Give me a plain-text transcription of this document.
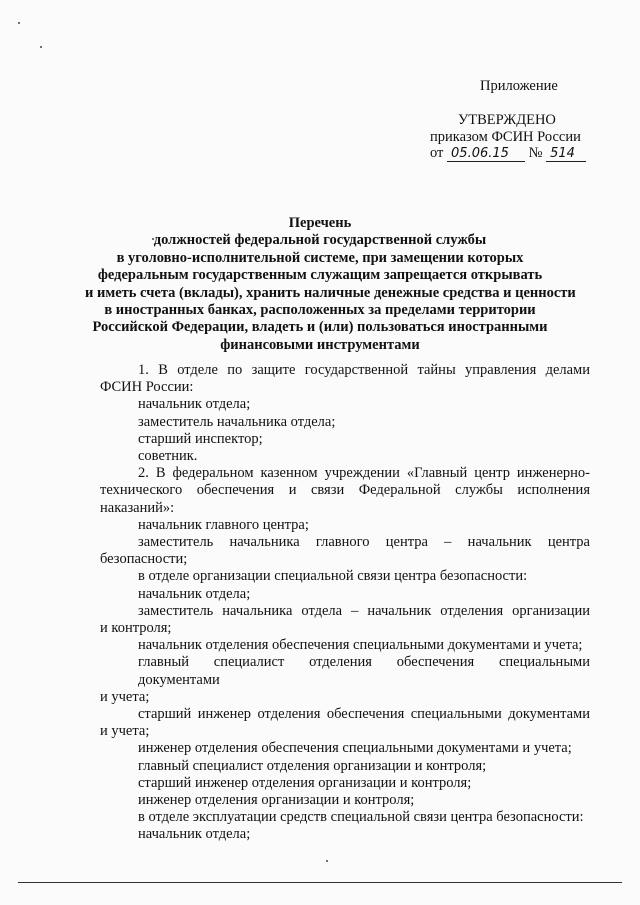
Приложение
УТВЕРЖДЕНО
приказом ФСИН России
от 05.06.15 № 514
Перечень
должностей федеральной государственной службы
в уголовно-исполнительной системе, при замещении которых
федеральным государственным служащим запрещается открывать
и иметь счета (вклады), хранить наличные денежные средства и ценности
в иностранных банках, расположенных за пределами территории
Российской Федерации, владеть и (или) пользоваться иностранными
финансовыми инструментами
1. В отделе по защите государственной тайны управления делами
ФСИН России:
начальник отдела;
заместитель начальника отдела;
старший инспектор;
советник.
2. В федеральном казенном учреждении «Главный центр инженерно-
технического обеспечения и связи Федеральной службы исполнения
наказаний»:
начальник главного центра;
заместитель начальника главного центра – начальник центра
безопасности;
в отделе организации специальной связи центра безопасности:
начальник отдела;
заместитель начальника отдела – начальник отделения организации
и контроля;
начальник отделения обеспечения специальными документами и учета;
главный специалист отделения обеспечения специальными документами
и учета;
старший инженер отделения обеспечения специальными документами
и учета;
инженер отделения обеспечения специальными документами и учета;
главный специалист отделения организации и контроля;
старший инженер отделения организации и контроля;
инженер отделения организации и контроля;
в отделе эксплуатации средств специальной связи центра безопасности:
начальник отдела;
